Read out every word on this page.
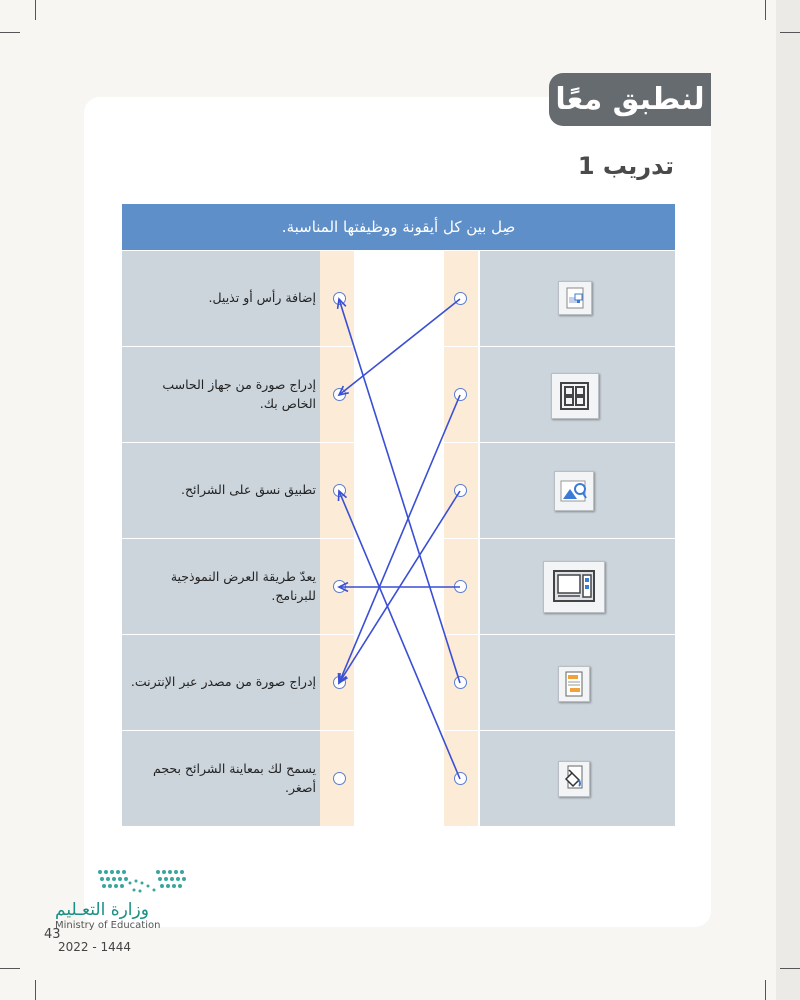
لنطبق معًا
تدريب 1
صِل بين كل أيقونة ووظيفتها المناسبة.
إضافة رأس أو تذييل.
إدراج صورة من جهاز الحاسب الخاص بك.
تطبيق نسق على الشرائح.
يعدّ طريقة العرض النموذجية للبرنامج.
إدراج صورة من مصدر عبر الإنترنت.
يسمح لك بمعاينة الشرائح بحجم أصغر.
وزارة التعـليم
Ministry of Education
43
2022 - 1444
